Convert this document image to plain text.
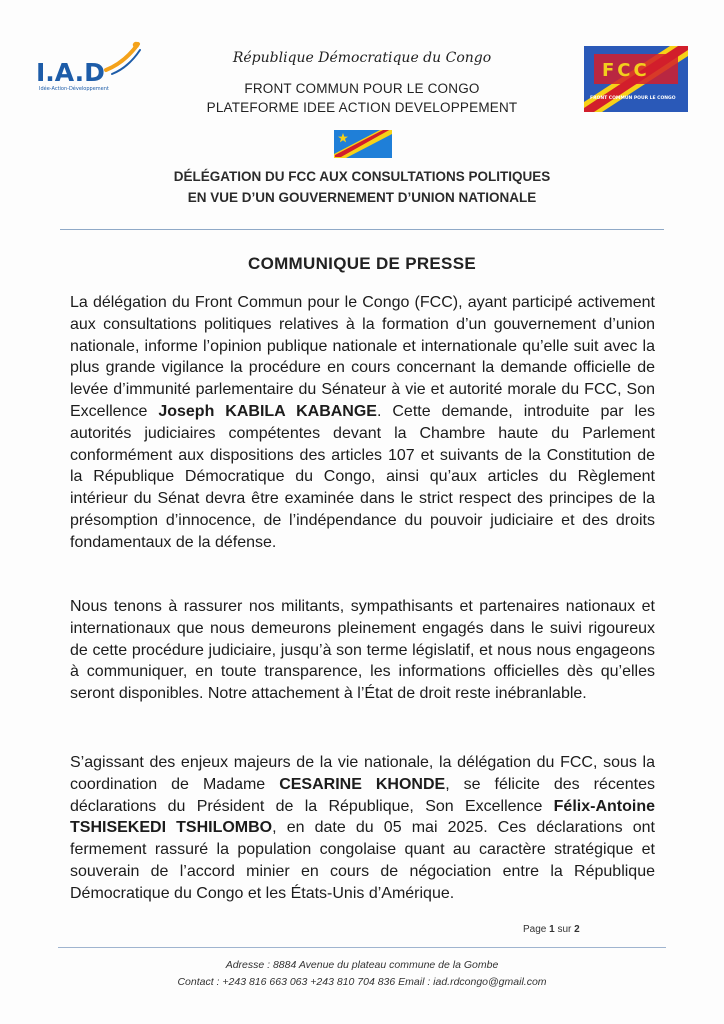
I.A.D
Idée-Action-Développement
République Démocratique du Congo
FRONT COMMUN POUR LE CONGO
PLATEFORME IDEE ACTION DEVELOPPEMENT
FCC
FRONT COMMUN POUR LE CONGO
DÉLÉGATION DU FCC AUX CONSULTATIONS POLITIQUES
EN VUE D’UN GOUVERNEMENT D’UNION NATIONALE
COMMUNIQUE DE PRESSE
La délégation du Front Commun pour le Congo (FCC), ayant participé activement aux consultations politiques relatives à la formation d’un gouvernement d’union nationale, informe l’opinion publique nationale et internationale qu’elle suit avec la plus grande vigilance la procédure en cours concernant la demande officielle de levée d’immunité parlementaire du Sénateur à vie et autorité morale du FCC, Son Excellence Joseph KABILA KABANGE. Cette demande, introduite par les autorités judiciaires compétentes devant la Chambre haute du Parlement conformément aux dispositions des articles 107 et suivants de la Constitution de la République Démocratique du Congo, ainsi qu’aux articles du Règlement intérieur du Sénat devra être examinée dans le strict respect des principes de la présomption d’innocence, de l’indépendance du pouvoir judiciaire et des droits fondamentaux de la défense.
Nous tenons à rassurer nos militants, sympathisants et partenaires nationaux et internationaux que nous demeurons pleinement engagés dans le suivi rigoureux de cette procédure judiciaire, jusqu’à son terme législatif, et nous nous engageons à communiquer, en toute transparence, les informations officielles dès qu’elles seront disponibles. Notre attachement à l’État de droit reste inébranlable.
S’agissant des enjeux majeurs de la vie nationale, la délégation du FCC, sous la coordination de Madame CESARINE KHONDE, se félicite des récentes déclarations du Président de la République, Son Excellence Félix-Antoine TSHISEKEDI TSHILOMBO, en date du 05 mai 2025. Ces déclarations ont fermement rassuré la population congolaise quant au caractère stratégique et souverain de l’accord minier en cours de négociation entre la République Démocratique du Congo et les États-Unis d’Amérique.
Page 1 sur 2
Adresse : 8884 Avenue du plateau commune de la Gombe
Contact : +243 816 663 063 +243 810 704 836 Email : iad.rdcongo@gmail.com
